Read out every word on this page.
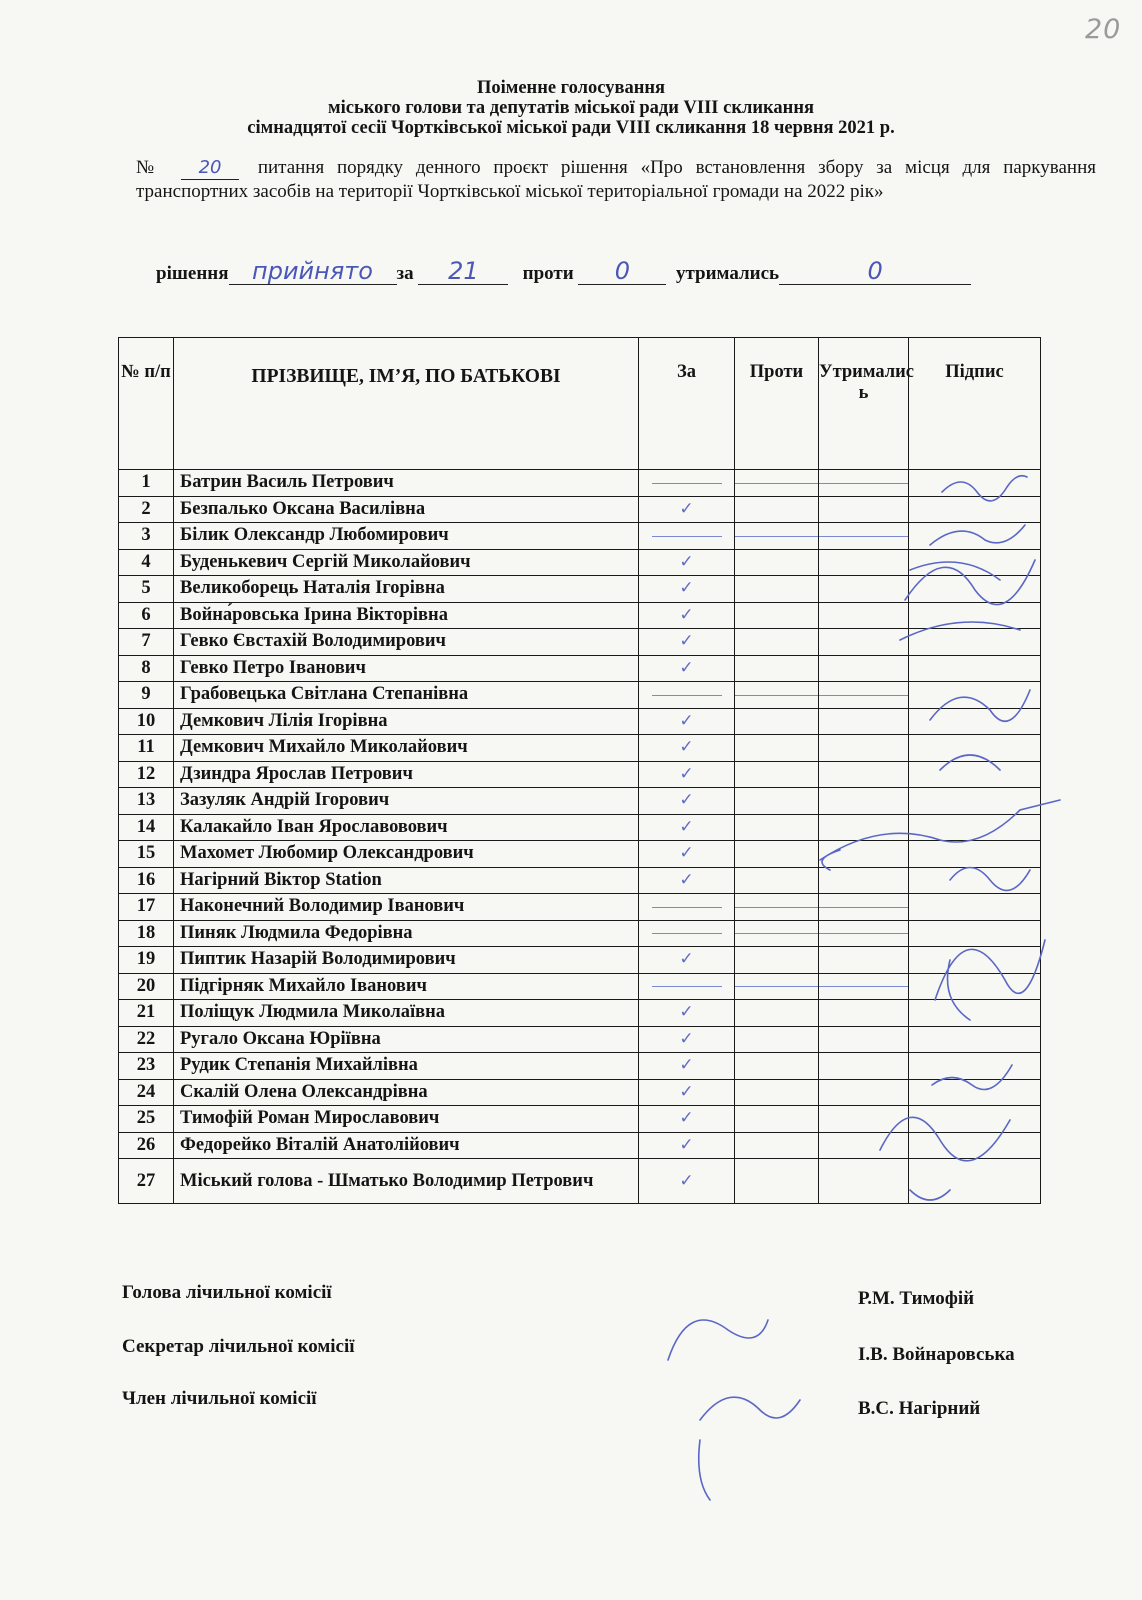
20
Поіменне голосування
міського голови та депутатів міської ради VIII скликання
сімнадцятої сесії Чортківської міської ради VIII скликання 18 червня 2021 р.
№ 20 питання порядку денного проєкт рішення «Про встановлення збору за місця для паркування транспортних засобів на території Чортківської міської територіальної громади на 2022 рік»
рішення прийнято за 21 проти 0 утримались	0
№ п/п	ПРІЗВИЩЕ, ІМ’Я, ПО БАТЬКОВІ	За	Проти	Утрималис ь	Підпис
1	Батрин Василь Петрович				
2	Безпалько Оксана Василівна	✓			
3	Білик Олександр Любомирович				
4	Буденькевич Сергій Миколайович	✓			
5	Великоборець Наталія Ігорівна	✓			
6	Война́ровська Ірина Вікторівна	✓			
7	Гевко Євстахій Володимирович	✓			
8	Гевко Петро Іванович	✓			
9	Грабовецька Світлана Степанівна				
10	Демкович Лілія Ігорівна	✓			
11	Демкович Михайло Миколайович	✓			
12	Дзиндра Ярослав Петрович	✓			
13	Зазуляк Андрій Ігорович	✓			
14	Калакайло Іван Ярославовович	✓			
15	Махомет Любомир Олександрович	✓			
16	Нагірний Віктор Station	✓			
17	Наконечний Володимир Іванович				
18	Пиняк Людмила Федорівна				
19	Пиптик Назарій Володимирович	✓			
20	Підгірняк Михайло Іванович				
21	Поліщук Людмила Миколаївна	✓			
22	Ругало Оксана Юріївна	✓			
23	Рудик Степанія Михайлівна	✓			
24	Скалій Олена Олександрівна	✓			
25	Тимофій Роман Мирославович	✓			
26	Федорейко Віталій Анатолійович	✓			
27	Міський голова - Шматько Володимир Петрович	✓			
Голова лічильної комісії	Р.М. Тимофій
Секретар лічильної комісії	І.В. Войнаровська
Член лічильної комісії	В.С. Нагірний
